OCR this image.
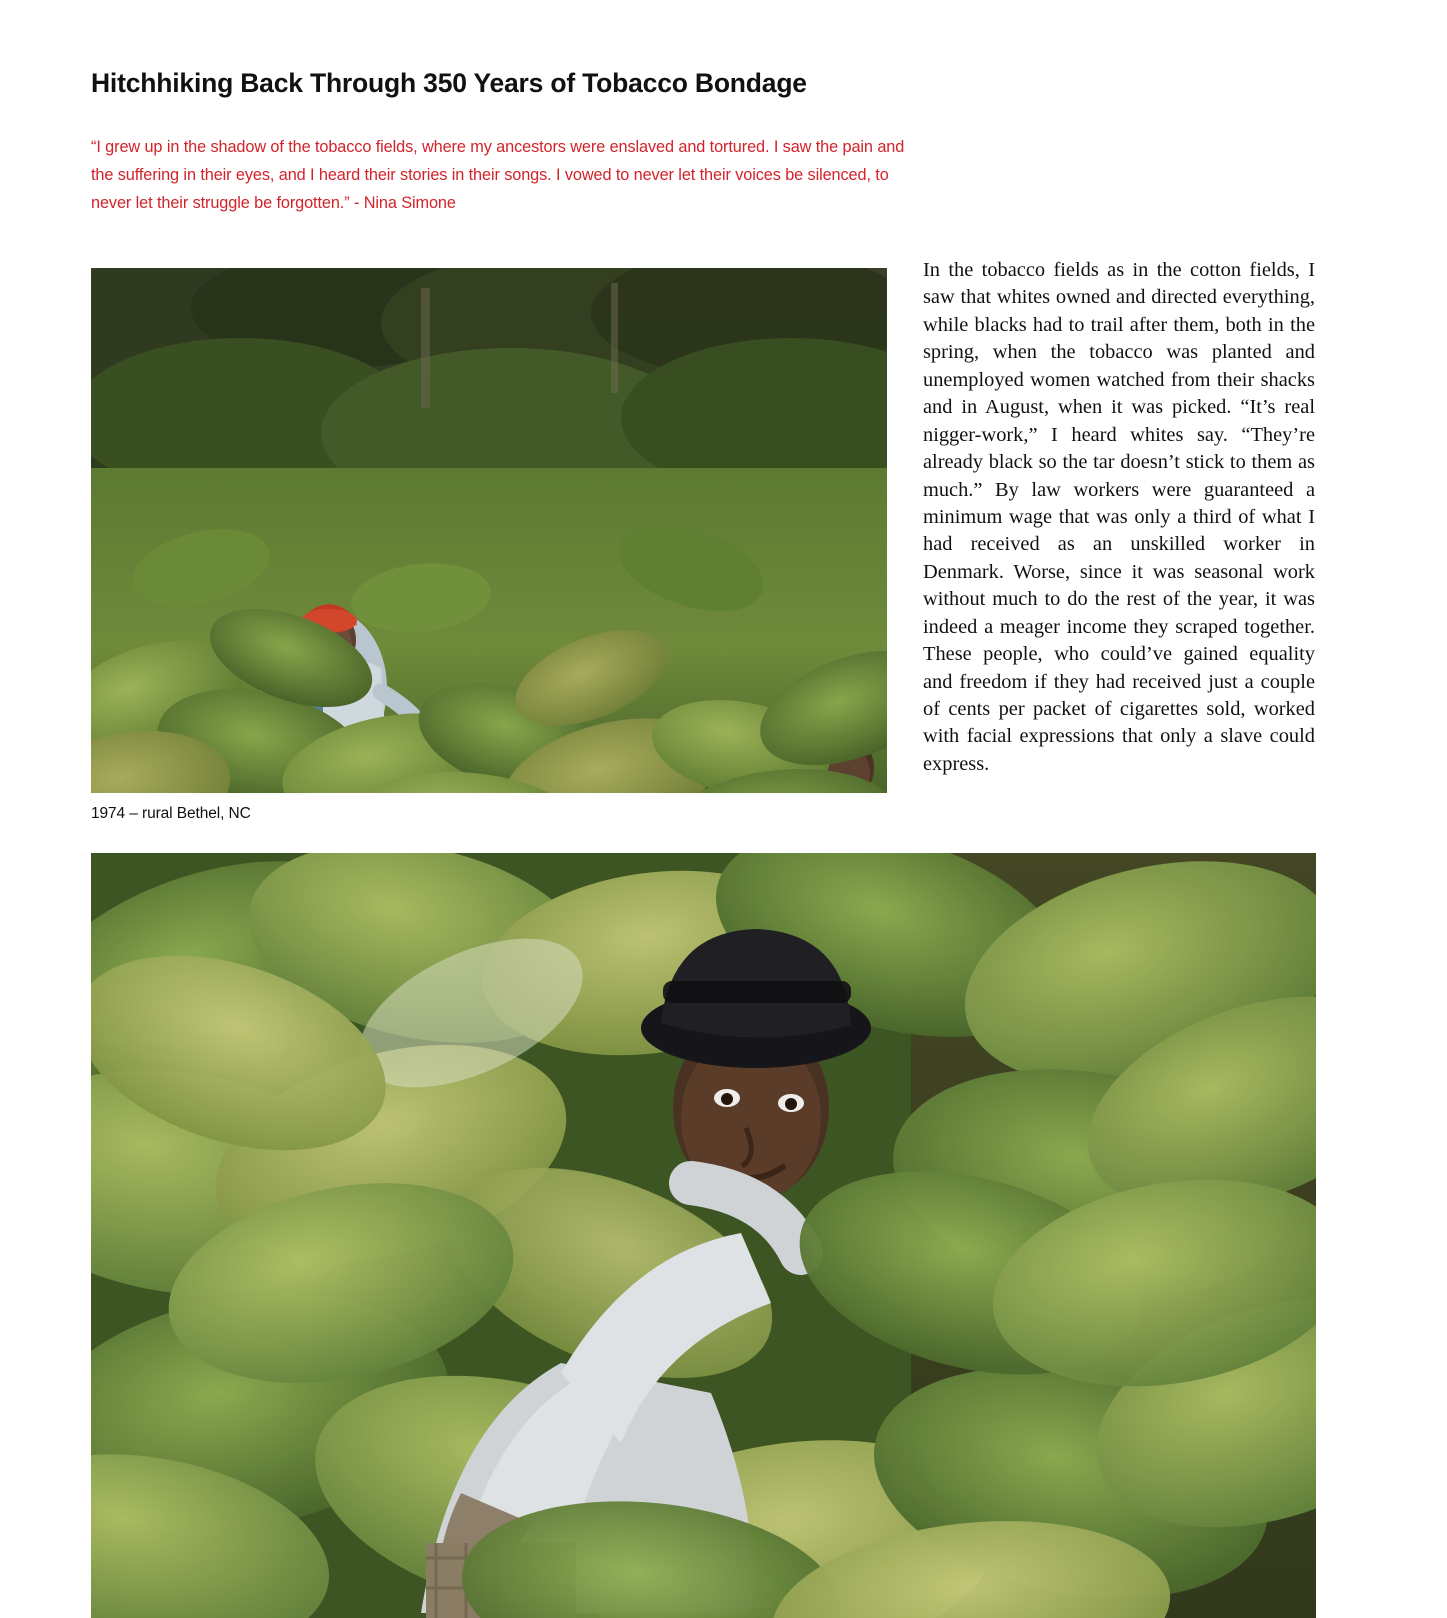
Hitchhiking Back Through 350 Years of Tobacco Bondage
“I grew up in the shadow of the tobacco fields, where my ancestors were enslaved and tortured. I saw the pain and the suffering in their eyes, and I heard their stories in their songs. I vowed to never let their voices be silenced, to never let their struggle be forgotten.” - Nina Simone
1974 – rural Bethel, NC
In the tobacco fields as in the cotton fields, I saw that whites owned and directed everything, while blacks had to trail after them, both in the spring, when the tobacco was planted and unemployed women watched from their shacks and in August, when it was picked. “It’s real nigger-work,” I heard whites say. “They’re already black so the tar doesn’t stick to them as much.” By law workers were guaranteed a minimum wage that was only a third of what I had received as an unskilled worker in Denmark. Worse, since it was seasonal work without much to do the rest of the year, it was indeed a meager income they scraped together. These people, who could’ve gained equality and freedom if they had received just a couple of cents per packet of cigarettes sold, worked with facial expressions that only a slave could express.
